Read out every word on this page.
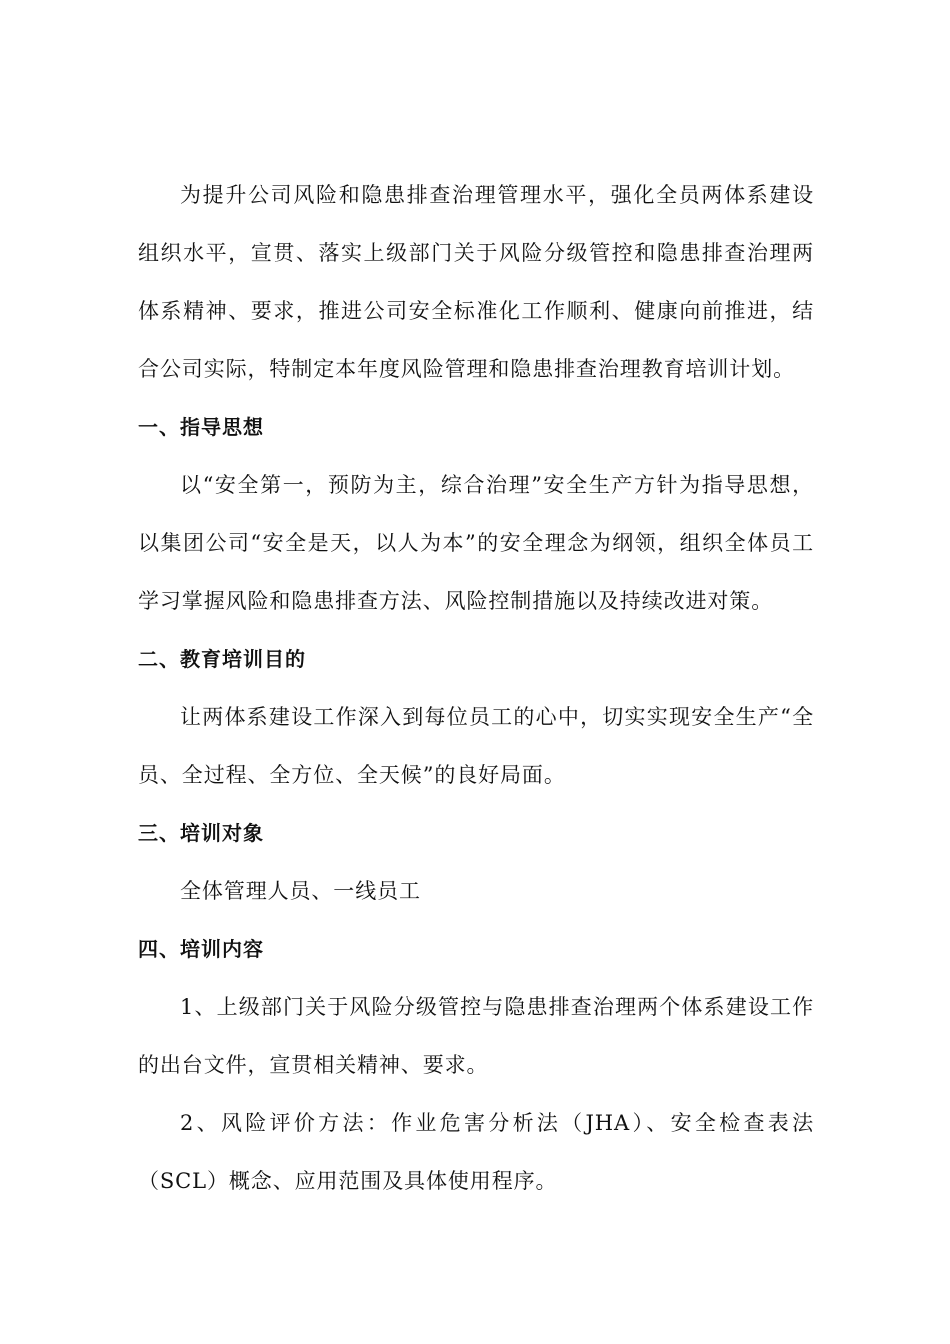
为提升公司风险和隐患排查治理管理水平，强化全员两体系建设组织水平，宣贯、落实上级部门关于风险分级管控和隐患排查治理两体系精神、要求，推进公司安全标准化工作顺利、健康向前推进，结合公司实际，特制定本年度风险管理和隐患排查治理教育培训计划。

一、指导思想

以“安全第一，预防为主，综合治理”安全生产方针为指导思想，以集团公司“安全是天，以人为本”的安全理念为纲领，组织全体员工学习掌握风险和隐患排查方法、风险控制措施以及持续改进对策。

二、教育培训目的

让两体系建设工作深入到每位员工的心中，切实实现安全生产“全员、全过程、全方位、全天候”的良好局面。

三、培训对象

全体管理人员、一线员工

四、培训内容

1、上级部门关于风险分级管控与隐患排查治理两个体系建设工作的出台文件，宣贯相关精神、要求。

2、风险评价方法：作业危害分析法（JHA）、安全检查表法（SCL）概念、应用范围及具体使用程序。
